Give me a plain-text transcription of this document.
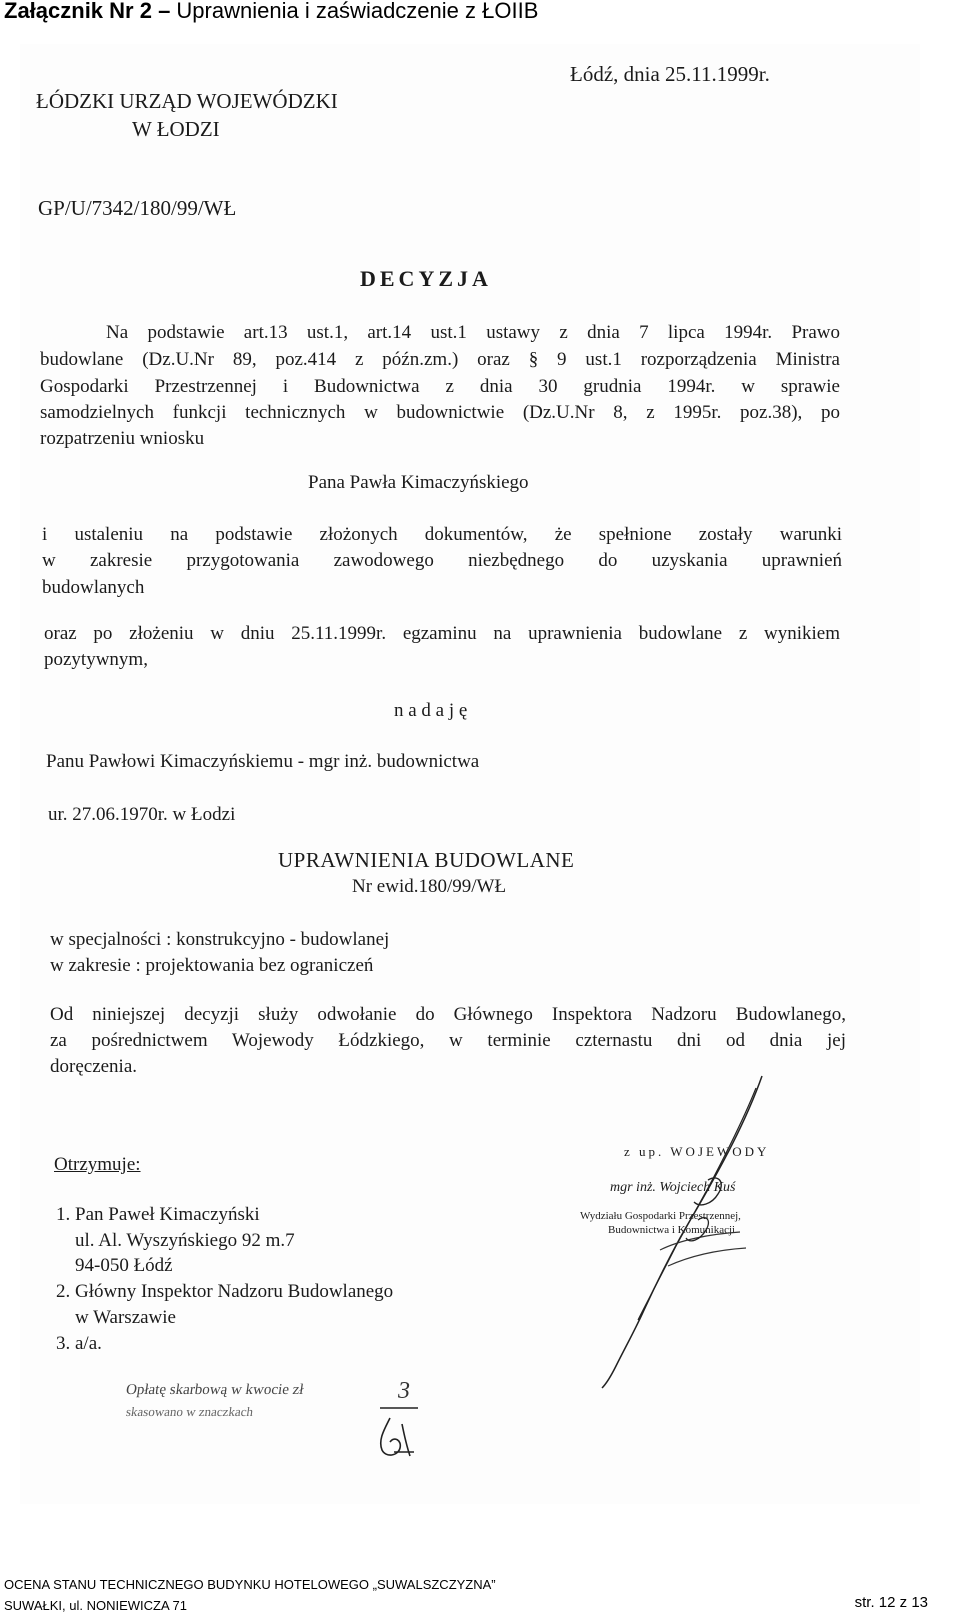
Załącznik Nr 2 – Uprawnienia i zaświadczenie z ŁOIIB
Łódź, dnia 25.11.1999r.
ŁÓDZKI URZĄD WOJEWÓDZKI
W ŁODZI
GP/U/7342/180/99/WŁ
DECYZJA
Na podstawie art.13 ust.1, art.14 ust.1 ustawy z dnia 7 lipca 1994r. Prawo
budowlane (Dz.U.Nr 89, poz.414 z późn.zm.) oraz § 9 ust.1 rozporządzenia Ministra
Gospodarki Przestrzennej i Budownictwa z dnia 30 grudnia 1994r. w sprawie
samodzielnych funkcji technicznych w budownictwie (Dz.U.Nr 8, z 1995r. poz.38), po
rozpatrzeniu wniosku
Pana Pawła Kimaczyńskiego
i ustaleniu na podstawie złożonych dokumentów, że spełnione zostały warunki
w zakresie przygotowania zawodowego niezbędnego do uzyskania uprawnień
budowlanych
oraz po złożeniu w dniu 25.11.1999r. egzaminu na uprawnienia budowlane z wynikiem
pozytywnym,
n a d a j ę
Panu Pawłowi Kimaczyńskiemu - mgr inż. budownictwa
ur. 27.06.1970r. w Łodzi
UPRAWNIENIA BUDOWLANE
Nr ewid.180/99/WŁ
w specjalności : konstrukcyjno - budowlanej
w zakresie : projektowania bez ograniczeń
Od niniejszej decyzji służy odwołanie do Głównego Inspektora Nadzoru Budowlanego,
za pośrednictwem Wojewody Łódzkiego, w terminie czternastu dni od dnia jej
doręczenia.
Otrzymuje:
1. Pan Paweł Kimaczyński
ul. Al. Wyszyńskiego 92 m.7
94-050 Łódź
2. Główny Inspektor Nadzoru Budowlanego
w Warszawie
3. a/a.
z up. WOJEWODY
mgr inż. Wojciech Kuś
Wydziału Gospodarki Przestrzennej,
Budownictwa i Komunikacji
Opłatę skarbową w kwocie zł
skasowano w znaczkach
3
OCENA STANU TECHNICZNEGO BUDYNKU HOTELOWEGO „SUWALSZCZYZNA”
SUWAŁKI, ul. NONIEWICZA 71	str. 12 z 13
